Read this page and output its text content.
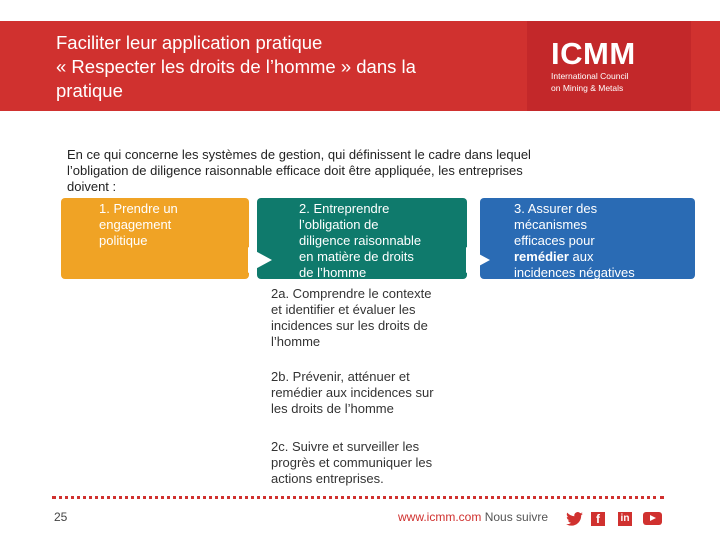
Faciliter leur application pratique
« Respecter les droits de l’homme » dans la
pratique
ICMM
International Council
on Mining & Metals
En ce qui concerne les systèmes de gestion, qui définissent le cadre dans lequel
l’obligation de diligence raisonnable efficace doit être appliquée, les entreprises
doivent :
1. Prendre un
engagement
politique
2. Entreprendre
l’obligation de
diligence raisonnable
en matière de droits
de l’homme
3. Assurer des
mécanismes
efficaces pour
remédier aux
incidences négatives
2a. Comprendre le contexte
et identifier et évaluer les
incidences sur les droits de
l’homme
2b. Prévenir, atténuer et
remédier aux incidences sur
les droits de l’homme
2c. Suivre et surveiller les
progrès et communiquer les
actions entreprises.
25	www.icmm.com Nous suivre	f	in
